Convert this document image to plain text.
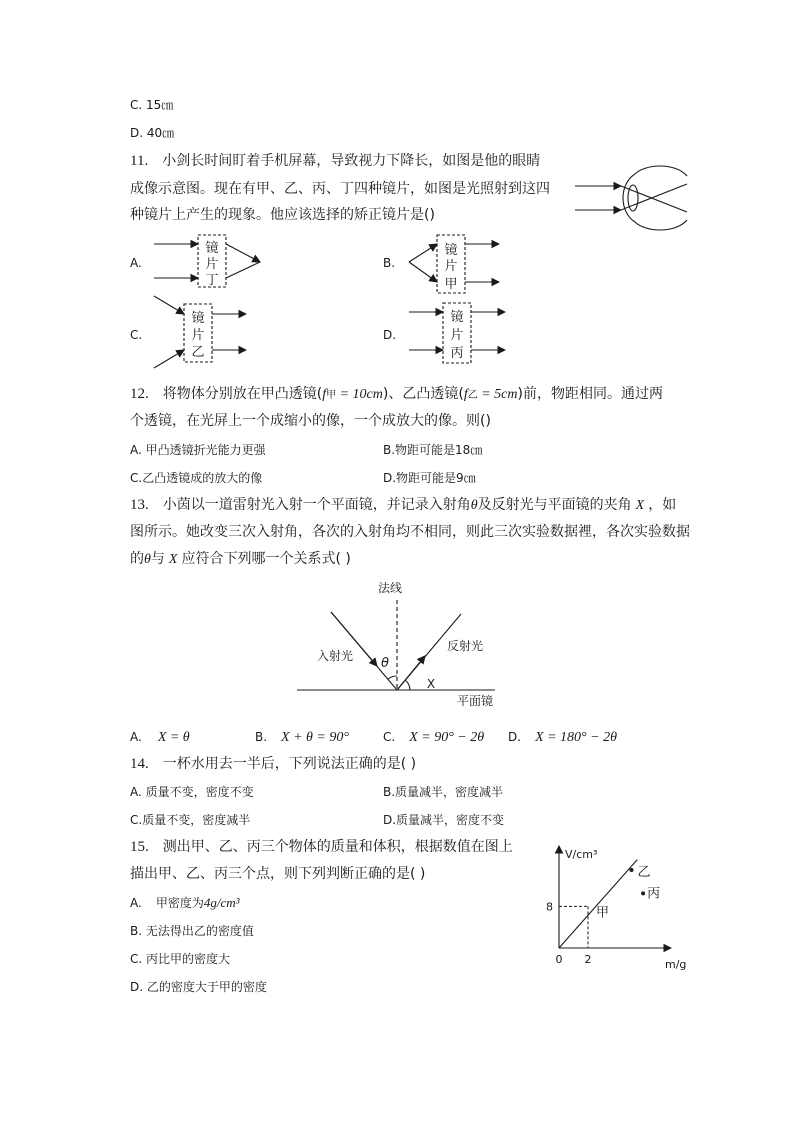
C. 15㎝
D. 40㎝
11. 小剑长时间盯着手机屏幕，导致视力下降长，如图是他的眼睛
成像示意图。现在有甲、乙、丙、丁四种镜片，如图是光照射到这四
种镜片上产生的现象。他应该选择的矫正镜片是()
A.
镜
片
丁
B.
镜
片
甲
C.
镜
片
乙
D.
镜
片
丙
12. 将物体分别放在甲凸透镜(f甲 = 10cm)、乙凸透镜(f乙 = 5cm)前，物距相同。通过两
个透镜，在光屏上一个成缩小的像，一个成放大的像。则()
A. 甲凸透镜折光能力更强	B.物距可能是18㎝
C.乙凸透镜成的放大的像	D.物距可能是9㎝
13. 小茵以一道雷射光入射一个平面镜，并记录入射角θ及反射光与平面镜的夹角 X ，如
图所示。她改变三次入射角，各次的入射角均不相同，则此三次实验数据裡，各次实验数据
的θ与 X 应符合下列哪一个关系式( )
法线
入射光
反射光
θ
X
平面镜
A. X = θ	B. X + θ = 90°	C. X = 90° − 2θ D. X = 180° − 2θ
14. 一杯水用去一半后，下列说法正确的是( )
A. 质量不变，密度不变	B.质量减半，密度减半
C.质量不变，密度减半	D.质量减半，密度不变
15. 测出甲、乙、丙三个物体的质量和体积，根据数值在图上
描出甲、乙、丙三个点，则下列判断正确的是( )
A. 甲密度为4g/cm³
B. 无法得出乙的密度值
C. 丙比甲的密度大
D. 乙的密度大于甲的密度
V/cm³
m/g
0 2
8	甲
乙
丙
